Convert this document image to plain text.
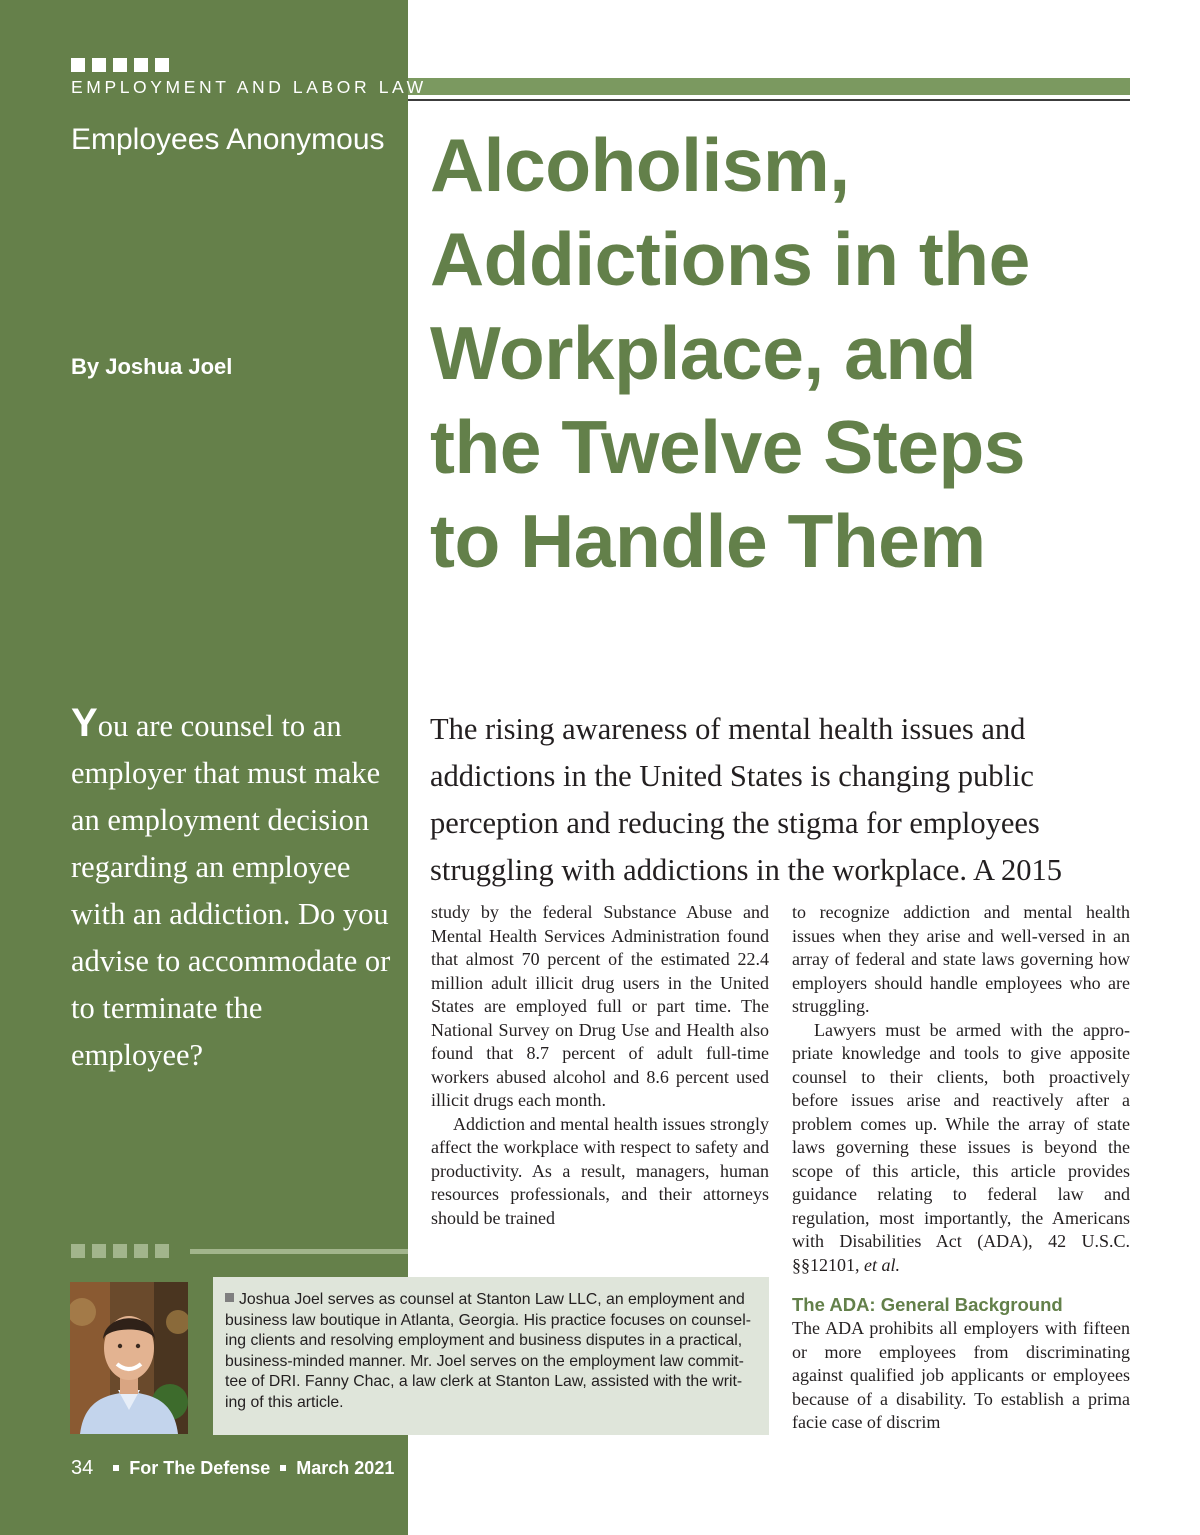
EMPLOYMENT AND LABOR LAW
Employees Anonymous Alcoholism,
Addictions in the
Workplace, and
the Twelve Steps
to Handle Them
By Joshua Joel

You are counsel to an employer that must make an employment decision regarding an employee with an addiction. Do you advise to accommodate or to terminate the employee?

The rising awareness of mental health issues and
addictions in the United States is changing public
perception and reducing the stigma for employees
struggling with addictions in the workplace. A 2015

study by the federal Substance Abuse and Mental Health Services Administration found that almost 70 percent of the estimated 22.4 million adult illicit drug users in the United States are employed full or part time. The National Survey on Drug Use and Health also found that 8.7 percent of adult full-time workers abused alcohol and 8.6 percent used illicit drugs each month.

Addiction and mental health issues strongly affect the workplace with respect to safety and productivity. As a result, managers, human resources professionals, and their attorneys should be trained

to recognize addiction and mental health issues when they arise and well-versed in an array of federal and state laws governing how employers should handle employees who are struggling.

Lawyers must be armed with the appropriate knowledge and tools to give apposite counsel to their clients, both proactively before issues arise and reactively after a problem comes up. While the array of state laws governing these issues is beyond the scope of this article, this article provides guidance relating to federal law and regulation, most importantly, the Americans with Disabilities Act (ADA), 42 U.S.C. §§12101, et al.

The ADA: General Background

The ADA prohibits all employers with fifteen or more employees from discriminating against qualified job applicants or employees because of a disability. To establish a prima facie case of discrim

Joshua Joel serves as counsel at Stanton Law LLC, an employment and business law boutique in Atlanta, Georgia. His practice focuses on counseling clients and resolving employment and business disputes in a practical, business-minded manner. Mr. Joel serves on the employment law committee of DRI. Fanny Chac, a law clerk at Stanton Law, assisted with the writing of this article.

34 For The Defense March 2021
